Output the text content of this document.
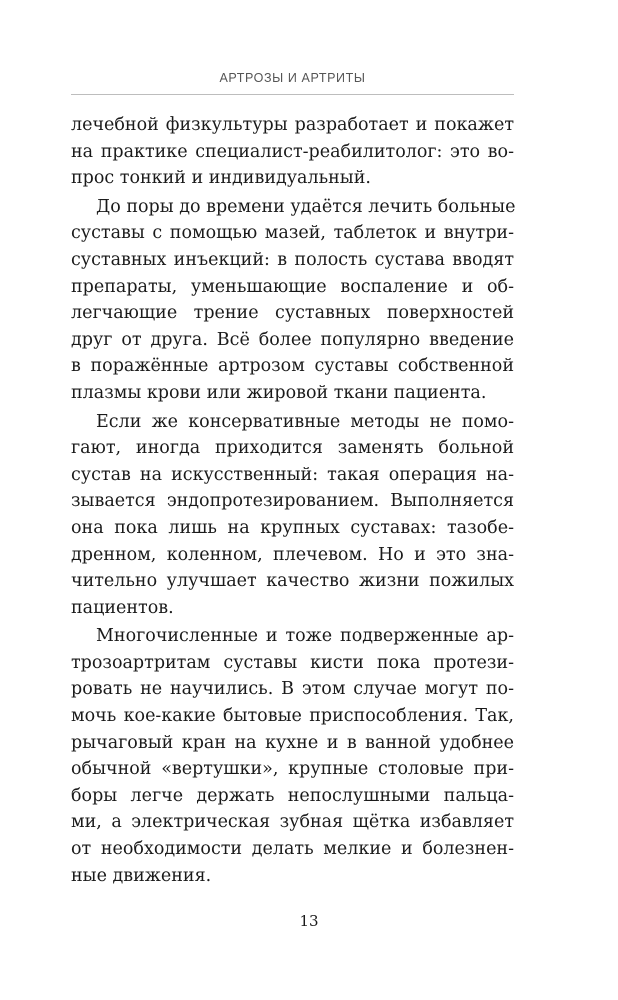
АРТРОЗЫ И АРТРИТЫ
лечебной физкультуры разработает и покажет
на практике специалист-реабилитолог: это во-
прос тонкий и индивидуальный.
До поры до времени удаётся лечить больные
суставы с помощью мазей, таблеток и внутри-
суставных инъекций: в полость сустава вводят
препараты, уменьшающие воспаление и об-
легчающие трение суставных поверхностей
друг от друга. Всё более популярно введение
в поражённые артрозом суставы собственной
плазмы крови или жировой ткани пациента.
Если же консервативные методы не помо-
гают, иногда приходится заменять больной
сустав на искусственный: такая операция на-
зывается эндопротезированием. Выполняется
она пока лишь на крупных суставах: тазобе-
дренном, коленном, плечевом. Но и это зна-
чительно улучшает качество жизни пожилых
пациентов.
Многочисленные и тоже подверженные ар-
трозоартритам суставы кисти пока протези-
ровать не научились. В этом случае могут по-
мочь кое-какие бытовые приспособления. Так,
рычаговый кран на кухне и в ванной удобнее
обычной «вертушки», крупные столовые при-
боры легче держать непослушными пальца-
ми, а электрическая зубная щётка избавляет
от необходимости делать мелкие и болезнен-
ные движения.
13
